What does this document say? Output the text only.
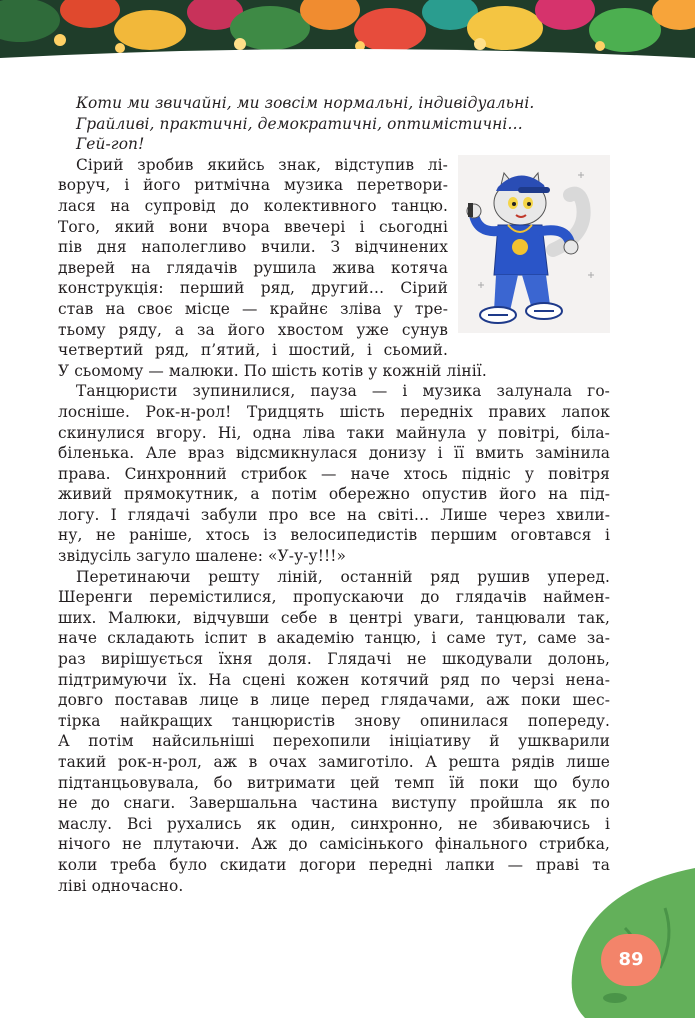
89
Коти ми звичайні, ми зовсім нормальні, індивідуальні.
Грайливі, практичні, демократичні, оптимістичні…
Гей-гоп!
Сірий зробив якийсь знак, відступив лі-
воруч, і його ритмічна музика перетвори-
лася на супровід до колективного танцю.
Того, який вони вчора ввечері і сьогодні
пів дня наполегливо вчили. З відчинених
дверей на глядачів рушила жива котяча
конструкція: перший ряд, другий… Сірий
став на своє місце — крайнє зліва у тре-
тьому ряду, а за його хвостом уже сунув
четвертий ряд, п’ятий, і шостий, і сьомий.
У сьомому — малюки. По шість котів у кожній лінії.
Танцюристи зупинилися, пауза — і музика залунала го-
лосніше. Рок-н-рол! Тридцять шість передніх правих лапок
скинулися вгору. Ні, одна ліва таки майнула у повітрі, біла-
біленька. Але враз відсмикнулася донизу і її вмить замінила
права. Синхронний стрибок — наче хтось підніс у повітря
живий прямокутник, а потім обережно опустив його на під-
логу. І глядачі забули про все на світі… Лише через хвили-
ну, не раніше, хтось із велосипедистів першим оговтався і
звідусіль загуло шалене: «У-у-у!!!»
Перетинаючи решту ліній, останній ряд рушив уперед.
Шеренги перемістилися, пропускаючи до глядачів наймен-
ших. Малюки, відчувши себе в центрі уваги, танцювали так,
наче складають іспит в академію танцю, і саме тут, саме за-
раз вирішується їхня доля. Глядачі не шкодували долонь,
підтримуючи їх. На сцені кожен котячий ряд по черзі нена-
довго поставав лице в лице перед глядачами, аж поки шес-
тірка найкращих танцюристів знову опинилася попереду.
А потім найсильніші перехопили ініціативу й ушкварили
такий рок-н-рол, аж в очах замиготіло. А решта рядів лише
підтанцьовувала, бо витримати цей темп їй поки що було
не до снаги. Завершальна частина виступу пройшла як по
маслу. Всі рухались як один, синхронно, не збиваючись і
нічого не плутаючи. Аж до самісінького фінального стрибка,
коли треба було скидати догори передні лапки — праві та
ліві одночасно.
